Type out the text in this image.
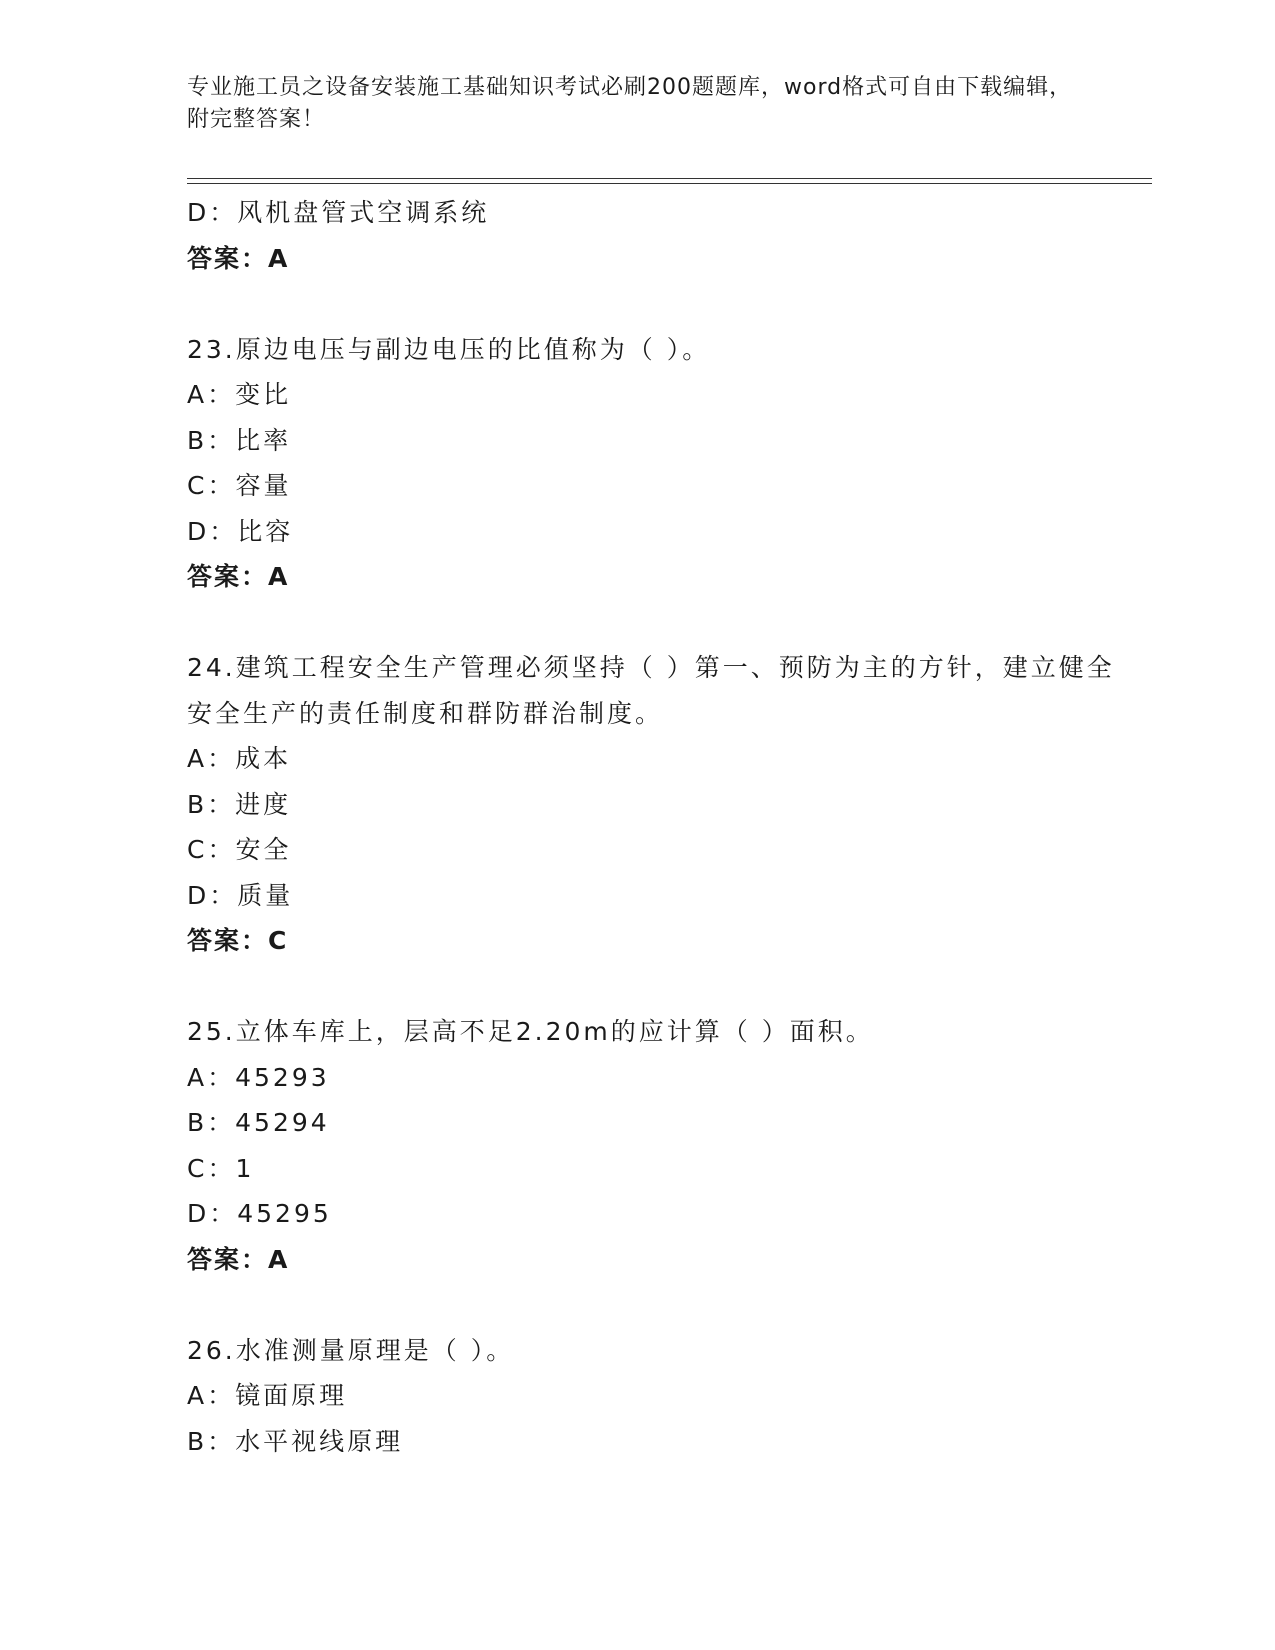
专业施工员之设备安装施工基础知识考试必刷200题题库，word格式可自由下载编辑，附完整答案！
D：风机盘管式空调系统
答案：A
23.原边电压与副边电压的比值称为（ ）。
A：变比
B：比率
C：容量
D：比容
答案：A
24.建筑工程安全生产管理必须坚持（ ）第一、预防为主的方针，建立健全安全生产的责任制度和群防群治制度。
A：成本
B：进度
C：安全
D：质量
答案：C
25.立体车库上，层高不足2.20m的应计算（ ）面积。
A：45293
B：45294
C：1
D：45295
答案：A
26.水准测量原理是（ ）。
A：镜面原理
B：水平视线原理
